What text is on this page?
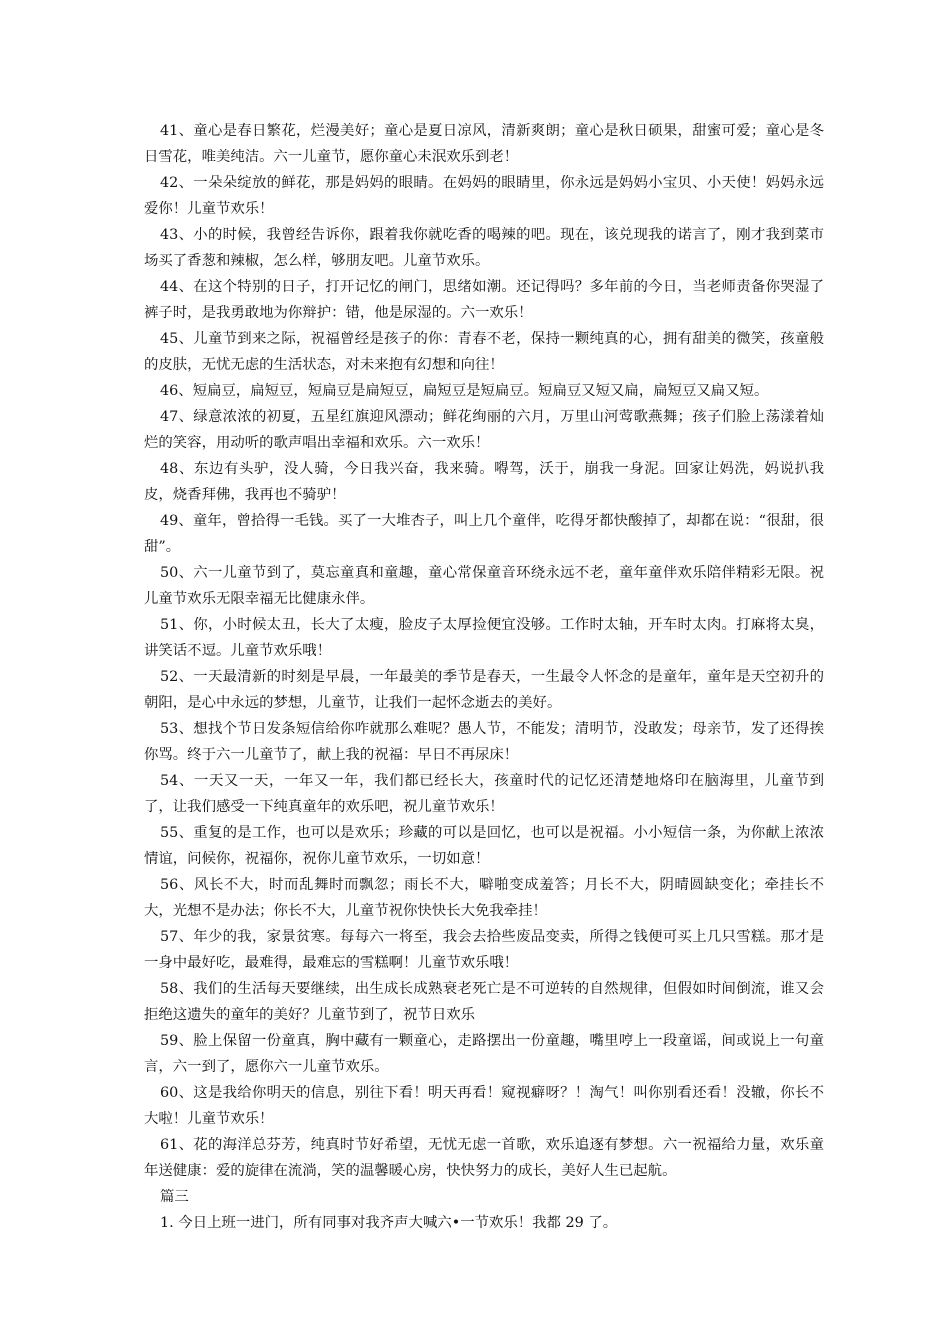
41、童心是春日繁花，烂漫美好；童心是夏日凉风，清新爽朗；童心是秋日硕果，甜蜜可爱；童心是冬日雪花，唯美纯洁。六一儿童节，愿你童心未泯欢乐到老！

42、一朵朵绽放的鲜花，那是妈妈的眼睛。在妈妈的眼睛里，你永远是妈妈小宝贝、小天使！妈妈永远爱你！儿童节欢乐！

43、小的时候，我曾经告诉你，跟着我你就吃香的喝辣的吧。现在，该兑现我的诺言了，刚才我到菜市场买了香葱和辣椒，怎么样，够朋友吧。儿童节欢乐。

44、在这个特别的日子，打开记忆的闸门，思绪如潮。还记得吗？多年前的今日，当老师责备你哭湿了裤子时，是我勇敢地为你辩护：错，他是尿湿的。六一欢乐！

45、儿童节到来之际，祝福曾经是孩子的你：青春不老，保持一颗纯真的心，拥有甜美的微笑，孩童般的皮肤，无忧无虑的生活状态，对未来抱有幻想和向往！

46、短扁豆，扁短豆，短扁豆是扁短豆，扁短豆是短扁豆。短扁豆又短又扁，扁短豆又扁又短。

47、绿意浓浓的初夏，五星红旗迎风漂动；鲜花绚丽的六月，万里山河莺歌燕舞；孩子们脸上荡漾着灿烂的笑容，用动听的歌声唱出幸福和欢乐。六一欢乐！

48、东边有头驴，没人骑，今日我兴奋，我来骑。嘚驾，沃于，崩我一身泥。回家让妈洗，妈说扒我皮，烧香拜佛，我再也不骑驴！

49、童年，曾拾得一毛钱。买了一大堆杏子，叫上几个童伴，吃得牙都快酸掉了，却都在说：“很甜，很甜”。

50、六一儿童节到了，莫忘童真和童趣，童心常保童音环绕永远不老，童年童伴欢乐陪伴精彩无限。祝儿童节欢乐无限幸福无比健康永伴。

51、你，小时候太丑，长大了太瘦，脸皮子太厚捡便宜没够。工作时太轴，开车时太肉。打麻将太臭，讲笑话不逗。儿童节欢乐哦！

52、一天最清新的时刻是早晨，一年最美的季节是春天，一生最令人怀念的是童年，童年是天空初升的朝阳，是心中永远的梦想，儿童节，让我们一起怀念逝去的美好。

53、想找个节日发条短信给你咋就那么难呢？愚人节，不能发；清明节，没敢发；母亲节，发了还得挨你骂。终于六一儿童节了，献上我的祝福：早日不再尿床！

54、一天又一天，一年又一年，我们都已经长大，孩童时代的记忆还清楚地烙印在脑海里，儿童节到了，让我们感受一下纯真童年的欢乐吧，祝儿童节欢乐！

55、重复的是工作，也可以是欢乐；珍藏的可以是回忆，也可以是祝福。小小短信一条，为你献上浓浓情谊，问候你，祝福你，祝你儿童节欢乐，一切如意！

56、风长不大，时而乱舞时而飘忽；雨长不大，噼啪变成羞答；月长不大，阴晴圆缺变化；牵挂长不大，光想不是办法；你长不大，儿童节祝你快快长大免我牵挂！

57、年少的我，家景贫寒。每每六一将至，我会去拾些废品变卖，所得之钱便可买上几只雪糕。那才是一身中最好吃，最难得，最难忘的雪糕啊！儿童节欢乐哦！

58、我们的生活每天要继续，出生成长成熟衰老死亡是不可逆转的自然规律，但假如时间倒流，谁又会拒绝这遗失的童年的美好？儿童节到了，祝节日欢乐

59、脸上保留一份童真，胸中藏有一颗童心，走路摆出一份童趣，嘴里哼上一段童谣，间或说上一句童言，六一到了，愿你六一儿童节欢乐。

60、这是我给你明天的信息，别往下看！明天再看！窥视癖呀？！淘气！叫你别看还看！没辙，你长不大啦！儿童节欢乐！

61、花的海洋总芬芳，纯真时节好希望，无忧无虑一首歌，欢乐追逐有梦想。六一祝福给力量，欢乐童年送健康：爱的旋律在流淌，笑的温馨暖心房，快快努力的成长，美好人生已起航。

篇三

1. 今日上班一进门，所有同事对我齐声大喊六•一节欢乐！我都 29 了。
